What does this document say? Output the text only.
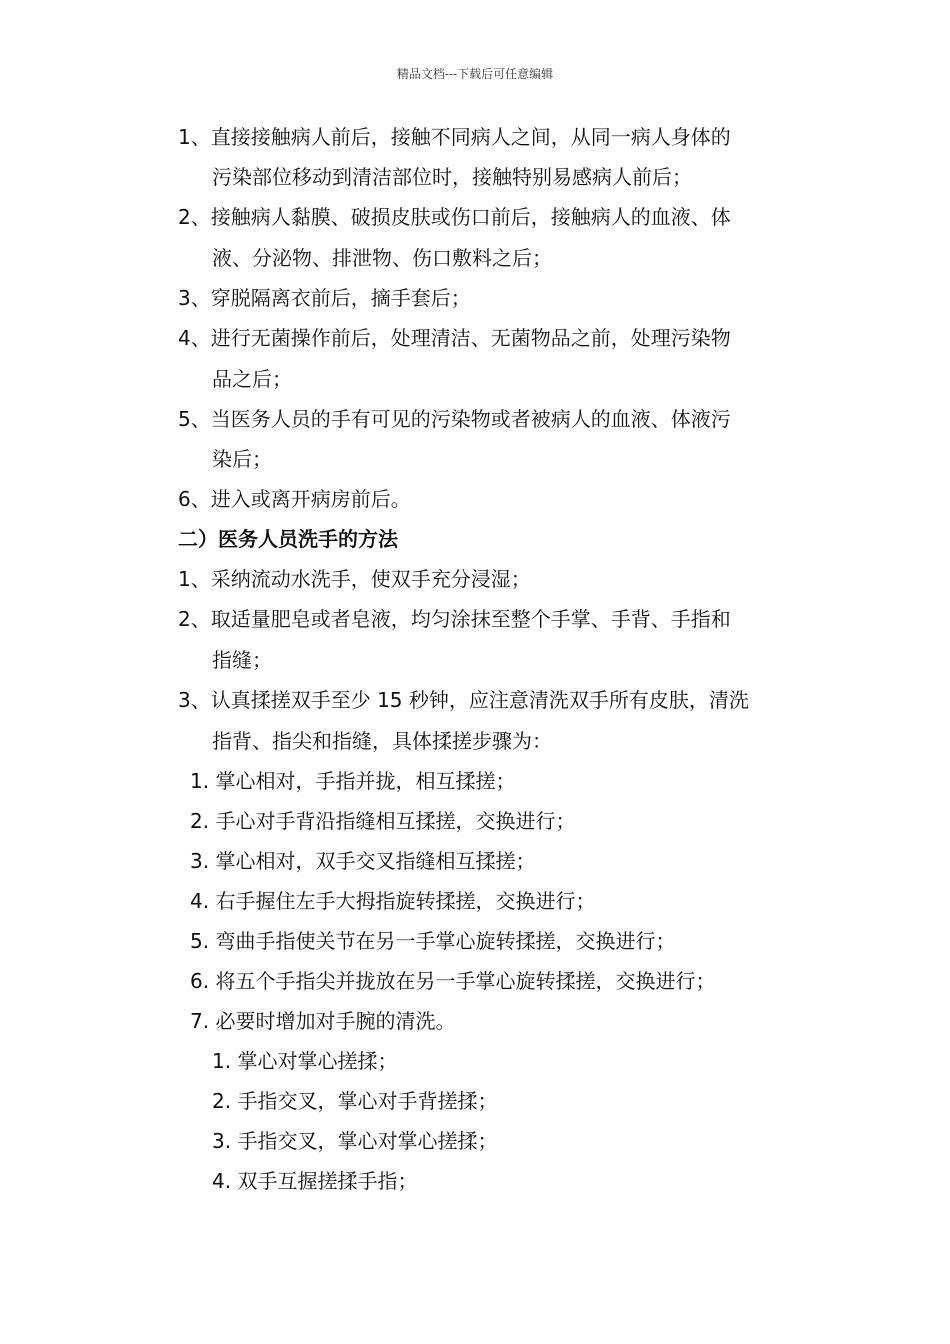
精品文档---下载后可任意编辑
1、直接接触病人前后，接触不同病人之间，从同一病人身体的
污染部位移动到清洁部位时，接触特别易感病人前后；
2、接触病人黏膜、破损皮肤或伤口前后，接触病人的血液、体
液、分泌物、排泄物、伤口敷料之后；
3、穿脱隔离衣前后，摘手套后；
4、进行无菌操作前后，处理清洁、无菌物品之前，处理污染物
品之后；
5、当医务人员的手有可见的污染物或者被病人的血液、体液污
染后；
6、进入或离开病房前后。
二）医务人员洗手的方法
1、采纳流动水洗手，使双手充分浸湿；
2、取适量肥皂或者皂液，均匀涂抹至整个手掌、手背、手指和
指缝；
3、认真揉搓双手至少 15 秒钟，应注意清洗双手所有皮肤，清洗
指背、指尖和指缝，具体揉搓步骤为：
1. 掌心相对，手指并拢，相互揉搓；
2. 手心对手背沿指缝相互揉搓，交换进行；
3. 掌心相对，双手交叉指缝相互揉搓；
4. 右手握住左手大拇指旋转揉搓，交换进行；
5. 弯曲手指使关节在另一手掌心旋转揉搓，交换进行；
6. 将五个手指尖并拢放在另一手掌心旋转揉搓，交换进行；
7. 必要时增加对手腕的清洗。
1. 掌心对掌心搓揉；
2. 手指交叉，掌心对手背搓揉；
3. 手指交叉，掌心对掌心搓揉；
4. 双手互握搓揉手指；
